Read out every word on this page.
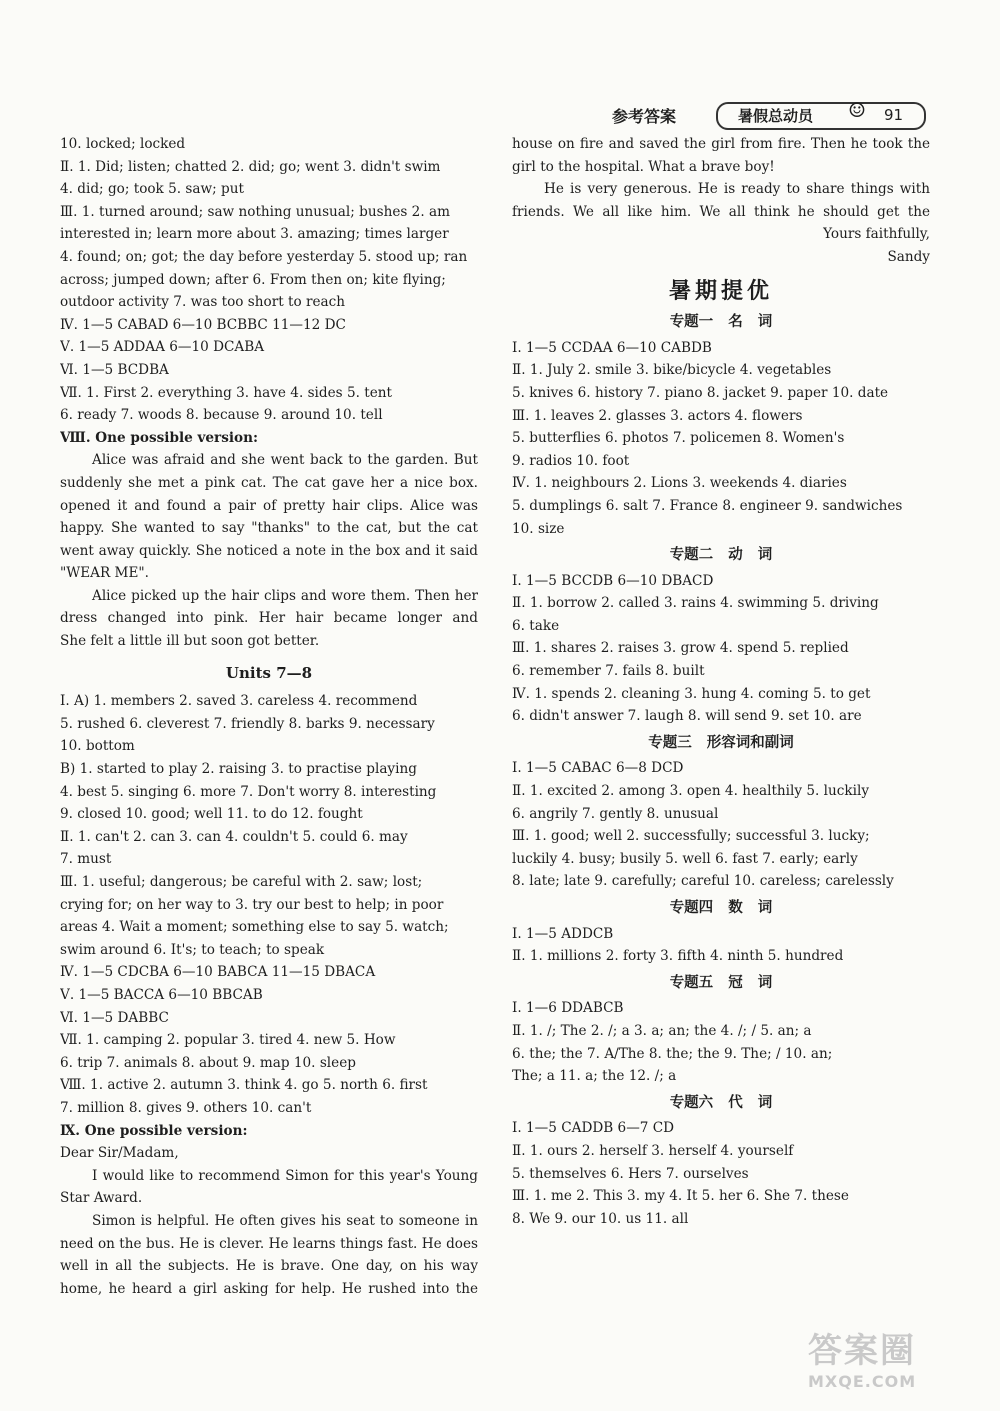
参考答案	暑假总动员 ☺ 91
10. locked; locked
Ⅱ. 1. Did; listen; chatted 2. did; go; went 3. didn't swim
4. did; go; took 5. saw; put
Ⅲ. 1. turned around; saw nothing unusual; bushes 2. am
interested in; learn more about 3. amazing; times larger
4. found; on; got; the day before yesterday 5. stood up; ran
across; jumped down; after 6. From then on; kite flying;
outdoor activity 7. was too short to reach
Ⅳ. 1—5 CABAD 6—10 BCBBC 11—12 DC
Ⅴ. 1—5 ADDAA 6—10 DCABA
Ⅵ. 1—5 BCDBA
Ⅶ. 1. First 2. everything 3. have 4. sides 5. tent
6. ready 7. woods 8. because 9. around 10. tell
Ⅷ. One possible version:
Alice was afraid and she went back to the garden. But
suddenly she met a pink cat. The cat gave her a nice box.
opened it and found a pair of pretty hair clips. Alice was
happy. She wanted to say "thanks" to the cat, but the cat
went away quickly. She noticed a note in the box and it said
"WEAR ME".
Alice picked up the hair clips and wore them. Then her
dress changed into pink. Her hair became longer and
She felt a little ill but soon got better.
Units 7—8
Ⅰ. A) 1. members 2. saved 3. careless 4. recommend
5. rushed 6. cleverest 7. friendly 8. barks 9. necessary
10. bottom
B) 1. started to play 2. raising 3. to practise playing
4. best 5. singing 6. more 7. Don't worry 8. interesting
9. closed 10. good; well 11. to do 12. fought
Ⅱ. 1. can't 2. can 3. can 4. couldn't 5. could 6. may
7. must
Ⅲ. 1. useful; dangerous; be careful with 2. saw; lost;
crying for; on her way to 3. try our best to help; in poor
areas 4. Wait a moment; something else to say 5. watch;
swim around 6. It's; to teach; to speak
Ⅳ. 1—5 CDCBA 6—10 BABCA 11—15 DBACA
Ⅴ. 1—5 BACCA 6—10 BBCAB
Ⅵ. 1—5 DABBC
Ⅶ. 1. camping 2. popular 3. tired 4. new 5. How
6. trip 7. animals 8. about 9. map 10. sleep
Ⅷ. 1. active 2. autumn 3. think 4. go 5. north 6. first
7. million 8. gives 9. others 10. can't
Ⅸ. One possible version:
Dear Sir/Madam,
I would like to recommend Simon for this year's Young
Star Award.
Simon is helpful. He often gives his seat to someone in
need on the bus. He is clever. He learns things fast. He does
well in all the subjects. He is brave. One day, on his way
home, he heard a girl asking for help. He rushed into the
house on fire and saved the girl from fire. Then he took the
girl to the hospital. What a brave boy!
He is very generous. He is ready to share things with
friends. We all like him. We all think he should get the
Yours faithfully,
Sandy
暑期提优
专题一 名 词
Ⅰ. 1—5 CCDAA 6—10 CABDB
Ⅱ. 1. July 2. smile 3. bike/bicycle 4. vegetables
5. knives 6. history 7. piano 8. jacket 9. paper 10. date
Ⅲ. 1. leaves 2. glasses 3. actors 4. flowers
5. butterflies 6. photos 7. policemen 8. Women's
9. radios 10. foot
Ⅳ. 1. neighbours 2. Lions 3. weekends 4. diaries
5. dumplings 6. salt 7. France 8. engineer 9. sandwiches
10. size
专题二 动 词
Ⅰ. 1—5 BCCDB 6—10 DBACD
Ⅱ. 1. borrow 2. called 3. rains 4. swimming 5. driving
6. take
Ⅲ. 1. shares 2. raises 3. grow 4. spend 5. replied
6. remember 7. fails 8. built
Ⅳ. 1. spends 2. cleaning 3. hung 4. coming 5. to get
6. didn't answer 7. laugh 8. will send 9. set 10. are
专题三 形容词和副词
Ⅰ. 1—5 CABAC 6—8 DCD
Ⅱ. 1. excited 2. among 3. open 4. healthily 5. luckily
6. angrily 7. gently 8. unusual
Ⅲ. 1. good; well 2. successfully; successful 3. lucky;
luckily 4. busy; busily 5. well 6. fast 7. early; early
8. late; late 9. carefully; careful 10. careless; carelessly
专题四 数 词
Ⅰ. 1—5 ADDCB
Ⅱ. 1. millions 2. forty 3. fifth 4. ninth 5. hundred
专题五 冠 词
Ⅰ. 1—6 DDABCB
Ⅱ. 1. /; The 2. /; a 3. a; an; the 4. /; / 5. an; a
6. the; the 7. A/The 8. the; the 9. The; / 10. an;
The; a 11. a; the 12. /; a
专题六 代 词
Ⅰ. 1—5 CADDB 6—7 CD
Ⅱ. 1. ours 2. herself 3. herself 4. yourself
5. themselves 6. Hers 7. ourselves
Ⅲ. 1. me 2. This 3. my 4. It 5. her 6. She 7. these
8. We 9. our 10. us 11. all
答案圈
MXQE.COM
